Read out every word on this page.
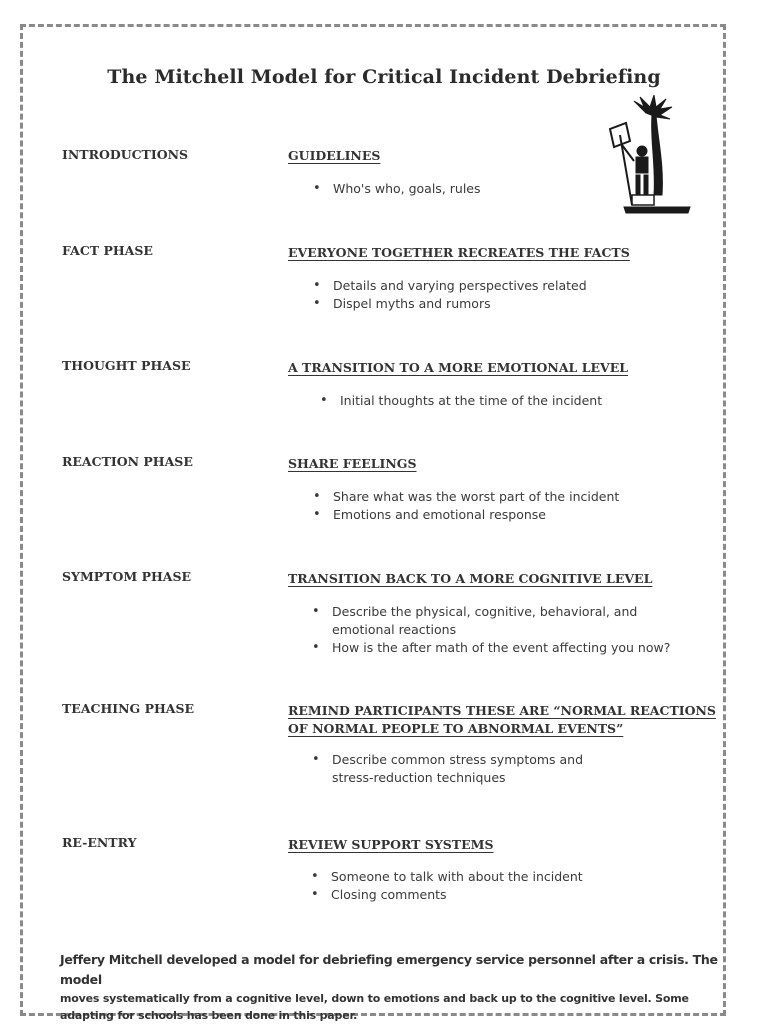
The Mitchell Model for Critical Incident Debriefing
INTRODUCTIONS	GUIDELINES
• Who's who, goals, rules
FACT PHASE	EVERYONE TOGETHER RECREATES THE FACTS
• Details and varying perspectives related
• Dispel myths and rumors
THOUGHT PHASE	A TRANSITION TO A MORE EMOTIONAL LEVEL
• Initial thoughts at the time of the incident
REACTION PHASE	SHARE FEELINGS
• Share what was the worst part of the incident
• Emotions and emotional response
SYMPTOM PHASE	TRANSITION BACK TO A MORE COGNITIVE LEVEL
• Describe the physical, cognitive, behavioral, and emotional reactions
• How is the after math of the event affecting you now?
TEACHING PHASE	REMIND PARTICIPANTS THESE ARE “NORMAL REACTIONS OF NORMAL PEOPLE TO ABNORMAL EVENTS”
• Describe common stress symptoms and stress-reduction techniques
RE-ENTRY	REVIEW SUPPORT SYSTEMS
• Someone to talk with about the incident
• Closing comments
Jeffery Mitchell developed a model for debriefing emergency service personnel after a crisis. The model
moves systematically from a cognitive level, down to emotions and back up to the cognitive level. Some
adapting for schools has been done in this paper.
